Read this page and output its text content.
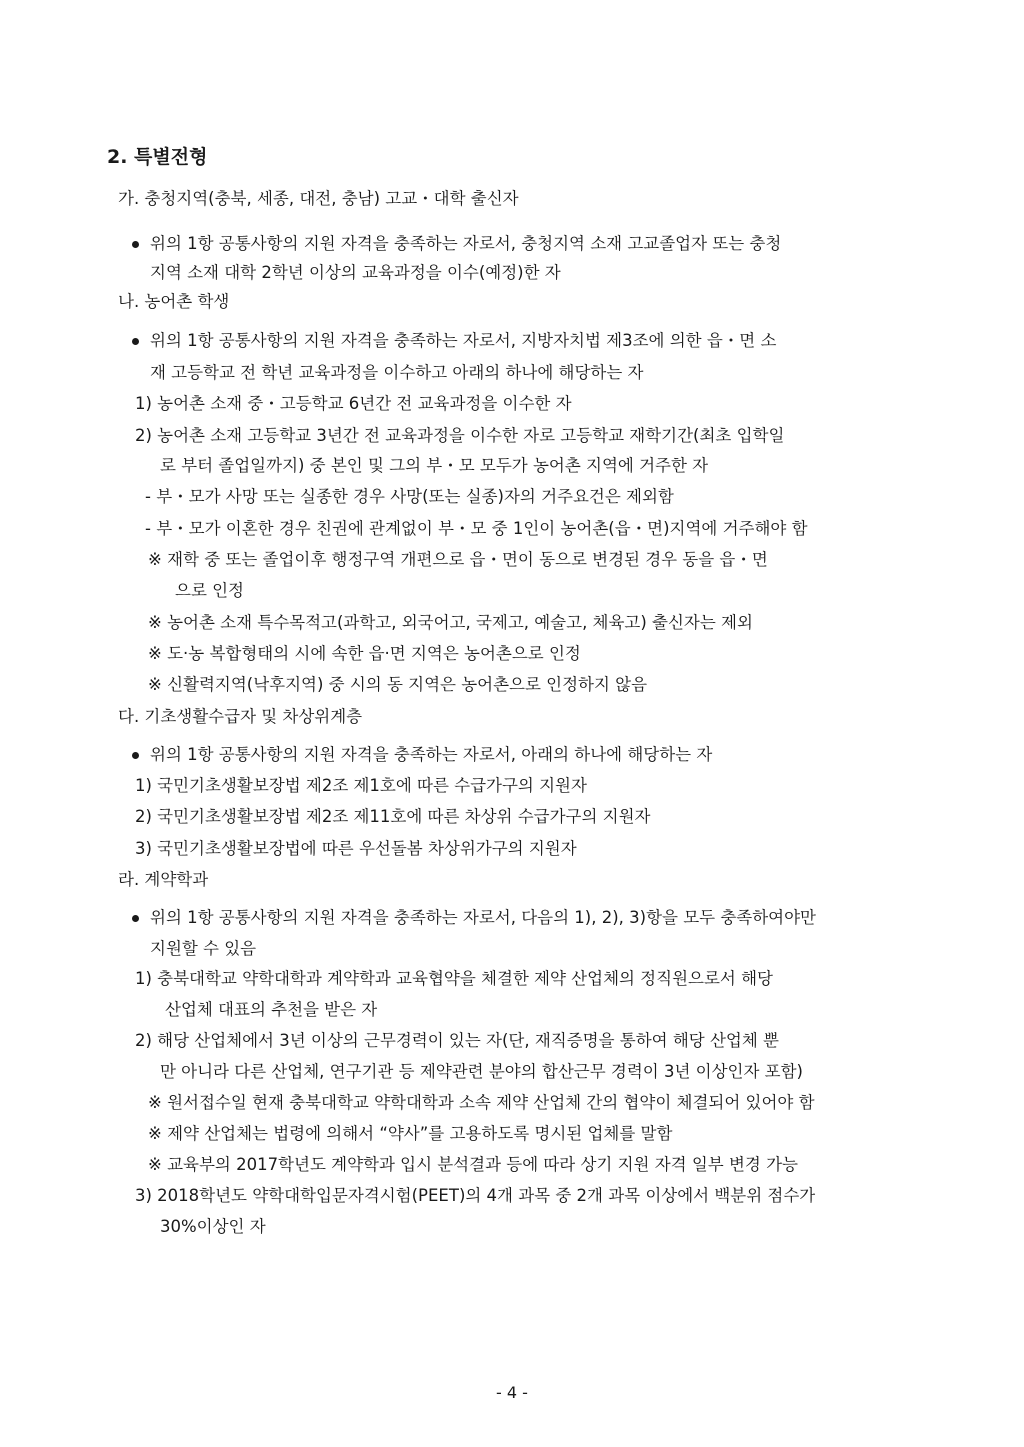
2. 특별전형
가. 충청지역(충북, 세종, 대전, 충남) 고교・대학 출신자
위의 1항 공통사항의 지원 자격을 충족하는 자로서, 충청지역 소재 고교졸업자 또는 충청
지역 소재 대학 2학년 이상의 교육과정을 이수(예정)한 자
나. 농어촌 학생
위의 1항 공통사항의 지원 자격을 충족하는 자로서, 지방자치법 제3조에 의한 읍・면 소
재 고등학교 전 학년 교육과정을 이수하고 아래의 하나에 해당하는 자
1) 농어촌 소재 중・고등학교 6년간 전 교육과정을 이수한 자
2) 농어촌 소재 고등학교 3년간 전 교육과정을 이수한 자로 고등학교 재학기간(최초 입학일
로 부터 졸업일까지) 중 본인 및 그의 부・모 모두가 농어촌 지역에 거주한 자
- 부・모가 사망 또는 실종한 경우 사망(또는 실종)자의 거주요건은 제외함
- 부・모가 이혼한 경우 친권에 관계없이 부・모 중 1인이 농어촌(읍・면)지역에 거주해야 함
※ 재학 중 또는 졸업이후 행정구역 개편으로 읍・면이 동으로 변경된 경우 동을 읍・면
으로 인정
※ 농어촌 소재 특수목적고(과학고, 외국어고, 국제고, 예술고, 체육고) 출신자는 제외
※ 도·농 복합형태의 시에 속한 읍·면 지역은 농어촌으로 인정
※ 신활력지역(낙후지역) 중 시의 동 지역은 농어촌으로 인정하지 않음
다. 기초생활수급자 및 차상위계층
위의 1항 공통사항의 지원 자격을 충족하는 자로서, 아래의 하나에 해당하는 자
1) 국민기초생활보장법 제2조 제1호에 따른 수급가구의 지원자
2) 국민기초생활보장법 제2조 제11호에 따른 차상위 수급가구의 지원자
3) 국민기초생활보장법에 따른 우선돌봄 차상위가구의 지원자
라. 계약학과
위의 1항 공통사항의 지원 자격을 충족하는 자로서, 다음의 1), 2), 3)항을 모두 충족하여야만
지원할 수 있음
1) 충북대학교 약학대학과 계약학과 교육협약을 체결한 제약 산업체의 정직원으로서 해당
산업체 대표의 추천을 받은 자
2) 해당 산업체에서 3년 이상의 근무경력이 있는 자(단, 재직증명을 통하여 해당 산업체 뿐
만 아니라 다른 산업체, 연구기관 등 제약관련 분야의 합산근무 경력이 3년 이상인자 포함)
※ 원서접수일 현재 충북대학교 약학대학과 소속 제약 산업체 간의 협약이 체결되어 있어야 함
※ 제약 산업체는 법령에 의해서 “약사”를 고용하도록 명시된 업체를 말함
※ 교육부의 2017학년도 계약학과 입시 분석결과 등에 따라 상기 지원 자격 일부 변경 가능
3) 2018학년도 약학대학입문자격시험(PEET)의 4개 과목 중 2개 과목 이상에서 백분위 점수가
30%이상인 자
- 4 -
